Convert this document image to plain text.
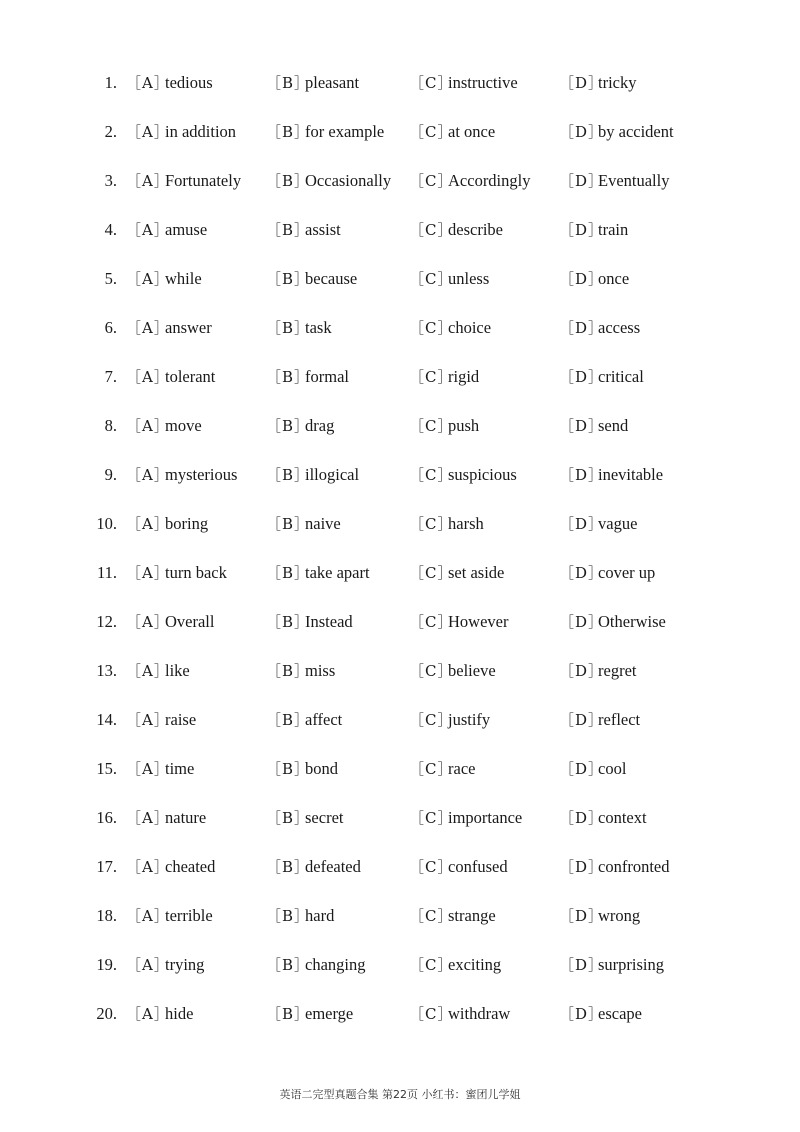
1. ［A］tedious	［B］pleasant	［C］instructive	［D］tricky
2. ［A］in addition ［B］for example ［C］at once	［D］by accident
3. ［A］Fortunately ［B］Occasionally ［C］Accordingly ［D］Eventually
4. ［A］amuse	［B］assist	［C］describe	［D］train
5. ［A］while	［B］because	［C］unless	［D］once
6. ［A］answer	［B］task	［C］choice	［D］access
7. ［A］tolerant	［B］formal	［C］rigid	［D］critical
8. ［A］move	［B］drag	［C］push	［D］send
9. ［A］mysterious ［B］illogical	［C］suspicious	［D］inevitable
10. ［A］boring	［B］naive	［C］harsh	［D］vague
11. ［A］turn back	［B］take apart	［C］set aside	［D］cover up
12. ［A］Overall	［B］Instead	［C］However	［D］Otherwise
13. ［A］like	［B］miss	［C］believe	［D］regret
14. ［A］raise	［B］affect	［C］justify	［D］reflect
15. ［A］time	［B］bond	［C］race	［D］cool
16. ［A］nature	［B］secret	［C］importance ［D］context
17. ［A］cheated	［B］defeated	［C］confused	［D］confronted
18. ［A］terrible	［B］hard	［C］strange	［D］wrong
19. ［A］trying	［B］changing	［C］exciting	［D］surprising
20. ［A］hide	［B］emerge	［C］withdraw	［D］escape
英语二完型真题合集 第22页 小红书：蜜团儿学姐
